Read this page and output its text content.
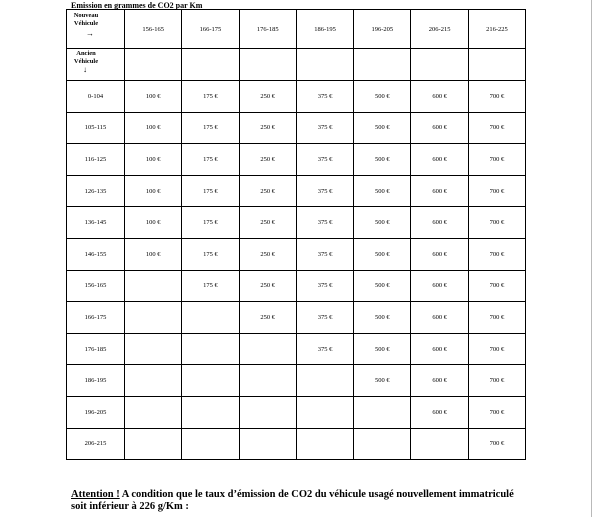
Emission en grammes de CO2 par Km
Nouveau Véhicule
→	156-165	166-175	176-185	186-195	196-205	206-215	216-225

Ancien Véhicule
↓							

0-104	100 €	175 €	250 €	375 €	500 €	600 €	700 €
105-115	100 €	175 €	250 €	375 €	500 €	600 €	700 €
116-125	100 €	175 €	250 €	375 €	500 €	600 €	700 €
126-135	100 €	175 €	250 €	375 €	500 €	600 €	700 €
136-145	100 €	175 €	250 €	375 €	500 €	600 €	700 €
146-155	100 €	175 €	250 €	375 €	500 €	600 €	700 €
156-165		175 €	250 €	375 €	500 €	600 €	700 €
166-175			250 €	375 €	500 €	600 €	700 €
176-185				375 €	500 €	600 €	700 €
186-195					500 €	600 €	700 €
196-205						600 €	700 €
206-215							700 €
Attention ! A condition que le taux d’émission de CO2 du véhicule usagé nouvellement immatriculé soit inférieur à 226 g/Km :
